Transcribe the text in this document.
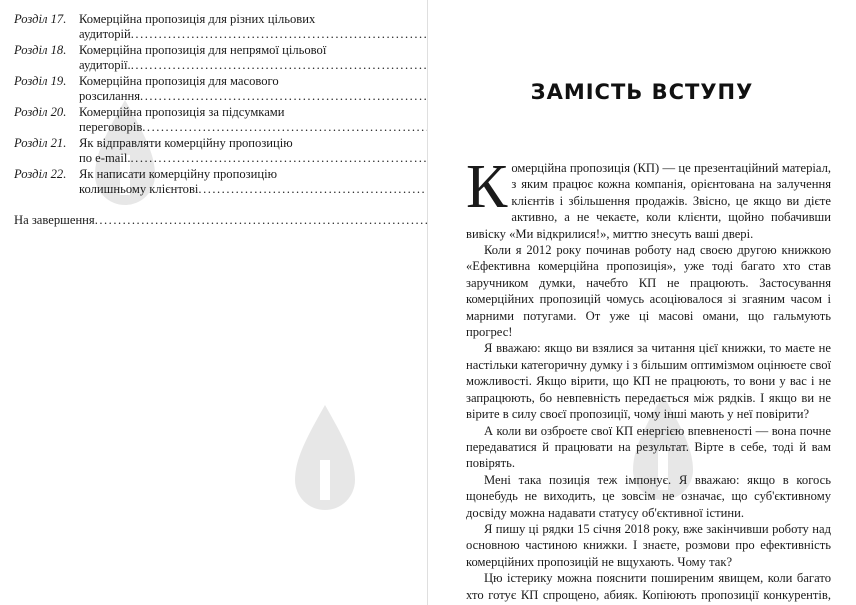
Розділ 17.	Комерційна пропозиція для різних цільових
аудиторій
.....
Розділ 18.	Комерційна пропозиція для непрямої цільової
аудиторії.
.....
Розділ 19.	Комерційна пропозиція для масового
розсилання
.....
Розділ 20.	Комерційна пропозиція за підсумками
переговорів
.....
Розділ 21.	Як відправляти комерційну пропозицію
по e-mail.
.....
Розділ 22.	Як написати комерційну пропозицію
колишньому клієнтові
.....
На завершення
.....
ЗАМІСТЬ ВСТУПУ

Комерційна пропозиція (КП) — це презентаційний матеріал, з яким працює кожна компанія, орієнтована на залучення клієнтів і збільшення продажів. Звісно, це якщо ви дієте активно, а не чекаєте, коли клієнти, щойно побачивши вивіску «Ми відкрилися!», миттю знесуть ваші двері.

Коли я 2012 року починав роботу над своєю другою книжкою «Ефективна комерційна пропозиція», уже тоді багато хто став заручником думки, начебто КП не працюють. Застосування комерційних пропозицій чомусь асоціювалося зі згаяним часом і марними потугами. От уже ці масові омани, що гальмують прогрес!

Я вважаю: якщо ви взялися за читання цієї книжки, то маєте не настільки категоричну думку і з більшим оптимізмом оцінюєте свої можливості. Якщо вірити, що КП не працюють, то вони у вас і не запрацюють, бо невпевність передається між рядків. І якщо ви не вірите в силу своєї пропозиції, чому інші мають у неї повірити?

А коли ви озброєте свої КП енергією впевненості — вона почне передаватися й працювати на результат. Вірте в себе, тоді й вам повірять.

Мені така позиція теж імпонує. Я вважаю: якщо в когось щонебудь не виходить, це зовсім не означає, що суб'єктивному досвіду можна надавати статусу об'єктивної істини.

Я пишу ці рядки 15 січня 2018 року, вже закінчивши роботу над основною частиною книжки. І знаєте, розмови про ефективність комерційних пропозицій не вщухають. Чому так?

Цю істерику можна пояснити поширеним явищем, коли багато хто готує КП спрощено, абияк. Копіюють пропозиції конкурентів,
